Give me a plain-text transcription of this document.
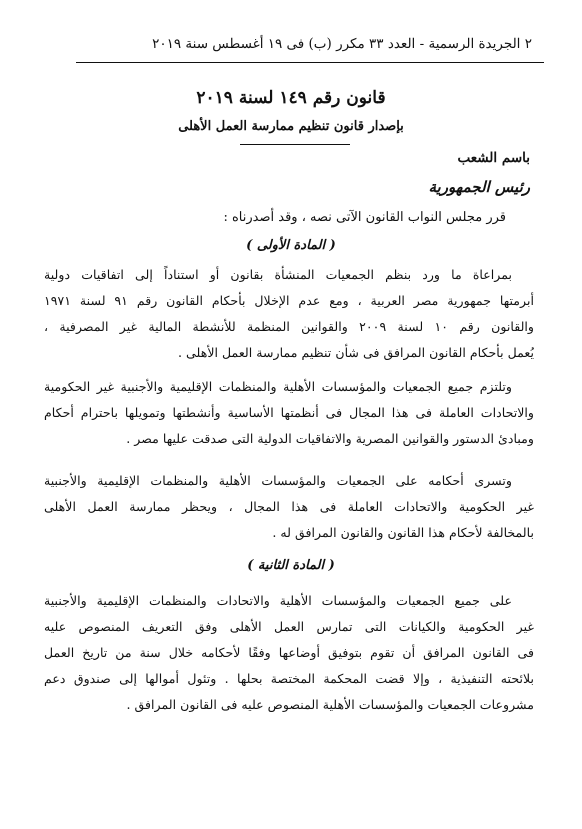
٢ الجريدة الرسمية - العدد ٣٣ مكرر (ب) فى ١٩ أغسطس سنة ٢٠١٩
قانون رقم ١٤٩ لسنة ٢٠١٩
بإصدار قانون تنظيم ممارسة العمل الأهلى
باسم الشعب
رئيس الجمهورية
قرر مجلس النواب القانون الآتى نصه ، وقد أصدرناه :
( المادة الأولى )
بمراعاة ما ورد بنظم الجمعيات المنشأة بقانون أو استناداً إلى اتفاقيات دولية
أبرمتها جمهورية مصر العربية ، ومع عدم الإخلال بأحكام القانون رقم ٩١ لسنة ١٩٧١
والقانون رقم ١٠ لسنة ٢٠٠٩ والقوانين المنظمة للأنشطة المالية غير المصرفية ،
يُعمل بأحكام القانون المرافق فى شأن تنظيم ممارسة العمل الأهلى .
وتلتزم جميع الجمعيات والمؤسسات الأهلية والمنظمات الإقليمية والأجنبية غير الحكومية
والاتحادات العاملة فى هذا المجال فى أنظمتها الأساسية وأنشطتها وتمويلها باحترام أحكام
ومبادئ الدستور والقوانين المصرية والاتفاقيات الدولية التى صدقت عليها مصر .
وتسرى أحكامه على الجمعيات والمؤسسات الأهلية والمنظمات الإقليمية والأجنبية
غير الحكومية والاتحادات العاملة فى هذا المجال ، ويحظر ممارسة العمل الأهلى
بالمخالفة لأحكام هذا القانون والقانون المرافق له .
( المادة الثانية )
على جميع الجمعيات والمؤسسات الأهلية والاتحادات والمنظمات الإقليمية والأجنبية
غير الحكومية والكيانات التى تمارس العمل الأهلى وفق التعريف المنصوص عليه
فى القانون المرافق أن تقوم بتوفيق أوضاعها وفقًا لأحكامه خلال سنة من تاريخ العمل
بلائحته التنفيذية ، وإلا قضت المحكمة المختصة بحلها . وتئول أموالها إلى صندوق دعم
مشروعات الجمعيات والمؤسسات الأهلية المنصوص عليه فى القانون المرافق .
